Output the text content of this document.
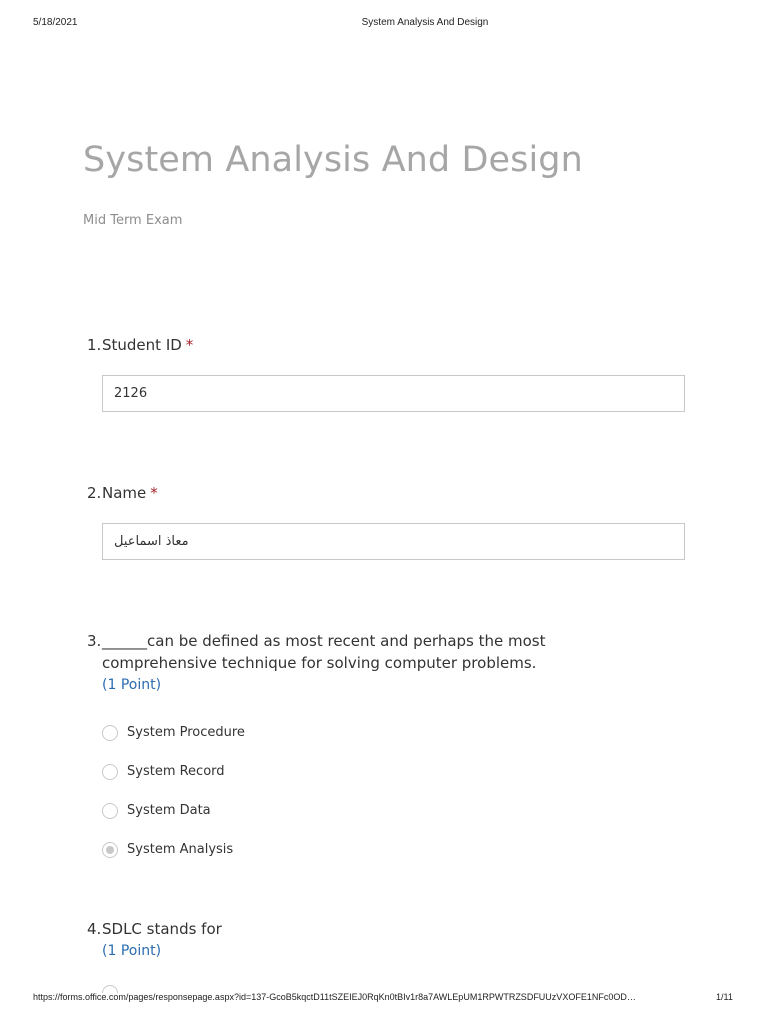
5/18/2021	System Analysis And Design
System Analysis And Design
Mid Term Exam
1. Student ID *
2126
2. Name *
معاذ اسماعيل
3. ______can be defined as most recent and perhaps the most comprehensive technique for solving computer problems.
(1 Point)
System Procedure
System Record
System Data
System Analysis
4. SDLC stands for
(1 Point)
https://forms.office.com/pages/responsepage.aspx?id=137-GcoB5kqctD11tSZEIEJ0RqKn0tBIv1r8a7AWLEpUM1RPWTRZSDFUUzVXOFE1NFc0OD…	1/11
